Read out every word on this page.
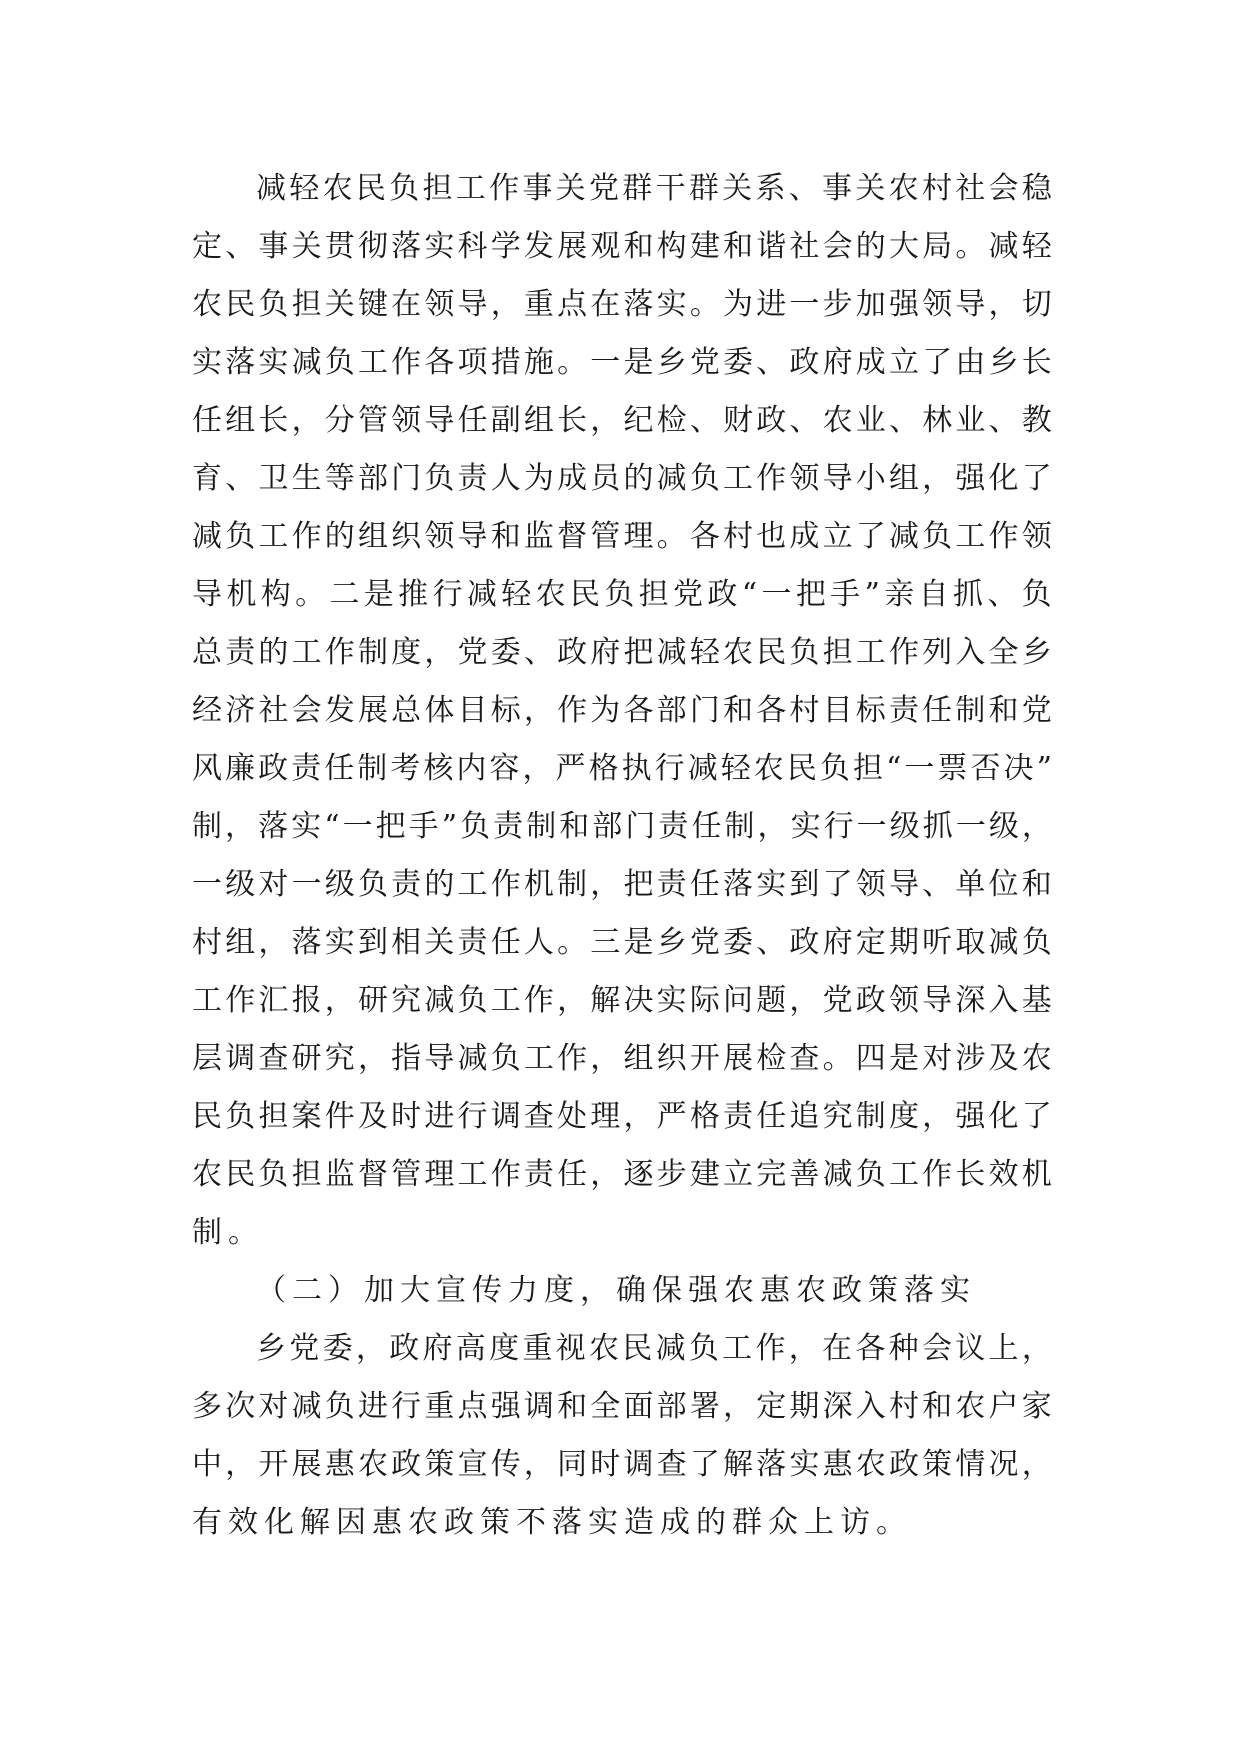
减 轻 农 民 负 担 工 作 事 关 党 群 干 群 关 系 、 事 关 农 村 社 会 稳
定 、 事 关 贯 彻 落 实 科 学 发 展 观 和 构 建 和 谐 社 会 的 大 局 。 减 轻
农 民 负 担 关 键 在 领 导 ， 重 点 在 落 实 。 为 进 一 步 加 强 领 导 ， 切
实 落 实 减 负 工 作 各 项 措 施 。 一 是 乡 党 委 、 政 府 成 立 了 由 乡 长
任 组 长 ， 分 管 领 导 任 副 组 长 ， 纪 检 、 财 政 、 农 业 、 林 业 、 教
育 、 卫 生 等 部 门 负 责 人 为 成 员 的 减 负 工 作 领 导 小 组 ， 强 化 了
减 负 工 作 的 组 织 领 导 和 监 督 管 理 。 各 村 也 成 立 了 减 负 工 作 领
导 机 构 。 二 是 推 行 减 轻 农 民 负 担 党 政 “ 一 把 手 ” 亲 自 抓 、 负
总 责 的 工 作 制 度 ， 党 委 、 政 府 把 减 轻 农 民 负 担 工 作 列 入 全 乡
经 济 社 会 发 展 总 体 目 标 ， 作 为 各 部 门 和 各 村 目 标 责 任 制 和 党
风 廉 政 责 任 制 考 核 内 容 ， 严 格 执 行 减 轻 农 民 负 担 “ 一 票 否 决 ”
制 ， 落 实 “ 一 把 手 ” 负 责 制 和 部 门 责 任 制 ， 实 行 一 级 抓 一 级 ，
一 级 对 一 级 负 责 的 工 作 机 制 ， 把 责 任 落 实 到 了 领 导 、 单 位 和
村 组 ， 落 实 到 相 关 责 任 人 。 三 是 乡 党 委 、 政 府 定 期 听 取 减 负
工 作 汇 报 ， 研 究 减 负 工 作 ， 解 决 实 际 问 题 ， 党 政 领 导 深 入 基
层 调 查 研 究 ， 指 导 减 负 工 作 ， 组 织 开 展 检 查 。 四 是 对 涉 及 农
民 负 担 案 件 及 时 进 行 调 查 处 理 ， 严 格 责 任 追 究 制 度 ， 强 化 了
农 民 负 担 监 督 管 理 工 作 责 任 ， 逐 步 建 立 完 善 减 负 工 作 长 效 机
制。
（二）加大宣传力度，确保强农惠农政策落实
乡 党 委 ， 政 府 高 度 重 视 农 民 减 负 工 作 ， 在 各 种 会 议 上 ，
多 次 对 减 负 进 行 重 点 强 调 和 全 面 部 署 ， 定 期 深 入 村 和 农 户 家
中 ， 开 展 惠 农 政 策 宣 传 ， 同 时 调 查 了 解 落 实 惠 农 政 策 情 况 ，
有效化解因惠农政策不落实造成的群众上访。
